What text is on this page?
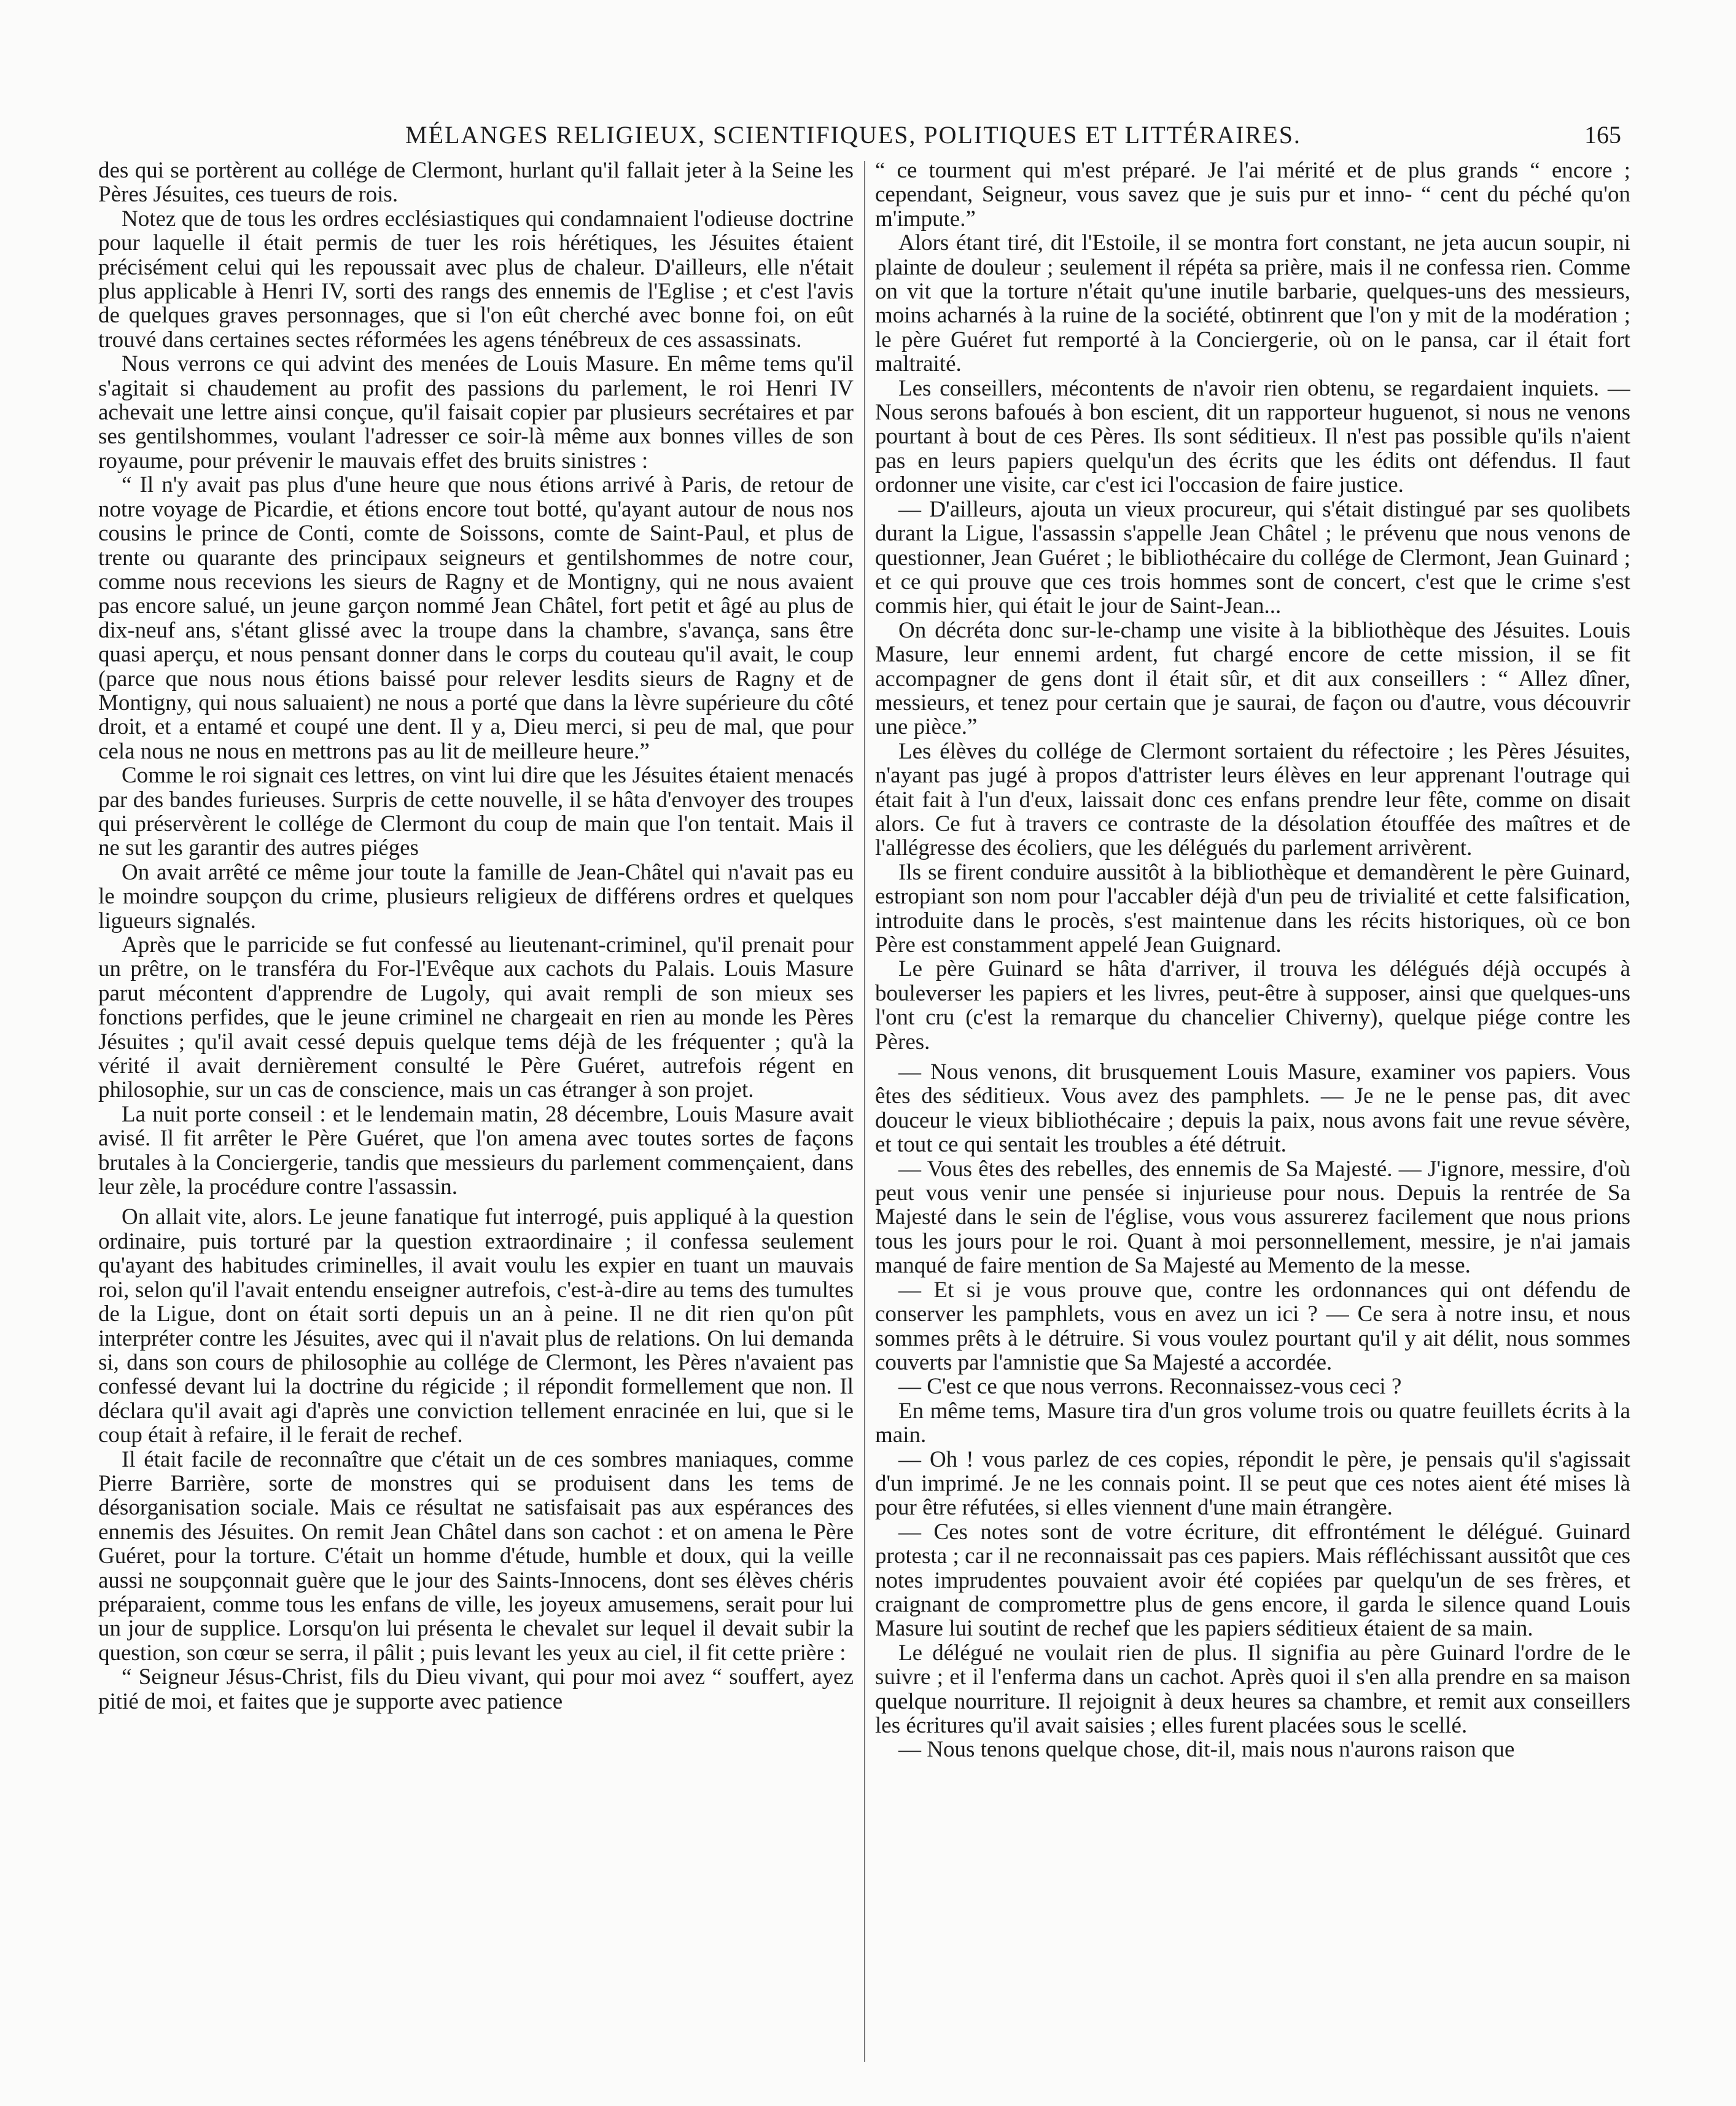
MÉLANGES RELIGIEUX, SCIENTIFIQUES, POLITIQUES ET LITTÉRAIRES.	165

des qui se portèrent au collége de Clermont, hurlant qu'il fallait jeter à la Seine les Pères Jésuites, ces tueurs de rois.

Notez que de tous les ordres ecclésiastiques qui condamnaient l'odieuse doctrine pour laquelle il était permis de tuer les rois hérétiques, les Jésuites étaient précisément celui qui les repoussait avec plus de chaleur. D'ailleurs, elle n'était plus applicable à Henri IV, sorti des rangs des ennemis de l'Eglise ; et c'est l'avis de quelques graves personnages, que si l'on eût cherché avec bonne foi, on eût trouvé dans certaines sectes réformées les agens ténébreux de ces assassinats.

Nous verrons ce qui advint des menées de Louis Masure. En même tems qu'il s'agitait si chaudement au profit des passions du parlement, le roi Henri IV achevait une lettre ainsi conçue, qu'il faisait copier par plusieurs secrétaires et par ses gentilshommes, voulant l'adresser ce soir-là même aux bonnes villes de son royaume, pour prévenir le mauvais effet des bruits sinistres :

“ Il n'y avait pas plus d'une heure que nous étions arrivé à Paris, de retour de notre voyage de Picardie, et étions encore tout botté, qu'ayant autour de nous nos cousins le prince de Conti, comte de Soissons, comte de Saint-Paul, et plus de trente ou quarante des principaux seigneurs et gentilshommes de notre cour, comme nous recevions les sieurs de Ragny et de Montigny, qui ne nous avaient pas encore salué, un jeune garçon nommé Jean Châtel, fort petit et âgé au plus de dix-neuf ans, s'étant glissé avec la troupe dans la chambre, s'avança, sans être quasi aperçu, et nous pensant donner dans le corps du couteau qu'il avait, le coup (parce que nous nous étions baissé pour relever lesdits sieurs de Ragny et de Montigny, qui nous saluaient) ne nous a porté que dans la lèvre supérieure du côté droit, et a entamé et coupé une dent. Il y a, Dieu merci, si peu de mal, que pour cela nous ne nous en mettrons pas au lit de meilleure heure.”

Comme le roi signait ces lettres, on vint lui dire que les Jésuites étaient menacés par des bandes furieuses. Surpris de cette nouvelle, il se hâta d'envoyer des troupes qui préservèrent le collége de Clermont du coup de main que l'on tentait. Mais il ne sut les garantir des autres piéges

On avait arrêté ce même jour toute la famille de Jean-Châtel qui n'avait pas eu le moindre soupçon du crime, plusieurs religieux de différens ordres et quelques ligueurs signalés.

Après que le parricide se fut confessé au lieutenant-criminel, qu'il prenait pour un prêtre, on le transféra du For-l'Evêque aux cachots du Palais. Louis Masure parut mécontent d'apprendre de Lugoly, qui avait rempli de son mieux ses fonctions perfides, que le jeune criminel ne chargeait en rien au monde les Pères Jésuites ; qu'il avait cessé depuis quelque tems déjà de les fréquenter ; qu'à la vérité il avait dernièrement consulté le Père Guéret, autrefois régent en philosophie, sur un cas de conscience, mais un cas étranger à son projet.

La nuit porte conseil : et le lendemain matin, 28 décembre, Louis Masure avait avisé. Il fit arrêter le Père Guéret, que l'on amena avec toutes sortes de façons brutales à la Conciergerie, tandis que messieurs du parlement commençaient, dans leur zèle, la procédure contre l'assassin.

On allait vite, alors. Le jeune fanatique fut interrogé, puis appliqué à la question ordinaire, puis torturé par la question extraordinaire ; il confessa seulement qu'ayant des habitudes criminelles, il avait voulu les expier en tuant un mauvais roi, selon qu'il l'avait entendu enseigner autrefois, c'est-à-dire au tems des tumultes de la Ligue, dont on était sorti depuis un an à peine. Il ne dit rien qu'on pût interpréter contre les Jésuites, avec qui il n'avait plus de relations. On lui demanda si, dans son cours de philosophie au collége de Clermont, les Pères n'avaient pas confessé devant lui la doctrine du régicide ; il répondit formellement que non. Il déclara qu'il avait agi d'après une conviction tellement enracinée en lui, que si le coup était à refaire, il le ferait de rechef.

Il était facile de reconnaître que c'était un de ces sombres maniaques, comme Pierre Barrière, sorte de monstres qui se produisent dans les tems de désorganisation sociale. Mais ce résultat ne satisfaisait pas aux espérances des ennemis des Jésuites. On remit Jean Châtel dans son cachot : et on amena le Père Guéret, pour la torture. C'était un homme d'étude, humble et doux, qui la veille aussi ne soupçonnait guère que le jour des Saints-Innocens, dont ses élèves chéris préparaient, comme tous les enfans de ville, les joyeux amusemens, serait pour lui un jour de supplice. Lorsqu'on lui présenta le chevalet sur lequel il devait subir la question, son cœur se serra, il pâlit ; puis levant les yeux au ciel, il fit cette prière :

“ Seigneur Jésus-Christ, fils du Dieu vivant, qui pour moi avez “ souffert, ayez pitié de moi, et faites que je supporte avec patience

“ ce tourment qui m'est préparé. Je l'ai mérité et de plus grands “ encore ; cependant, Seigneur, vous savez que je suis pur et inno- “ cent du péché qu'on m'impute.”

Alors étant tiré, dit l'Estoile, il se montra fort constant, ne jeta aucun soupir, ni plainte de douleur ; seulement il répéta sa prière, mais il ne confessa rien. Comme on vit que la torture n'était qu'une inutile barbarie, quelques-uns des messieurs, moins acharnés à la ruine de la société, obtinrent que l'on y mit de la modération ; le père Guéret fut remporté à la Conciergerie, où on le pansa, car il était fort maltraité.

Les conseillers, mécontents de n'avoir rien obtenu, se regardaient inquiets. — Nous serons bafoués à bon escient, dit un rapporteur huguenot, si nous ne venons pourtant à bout de ces Pères. Ils sont séditieux. Il n'est pas possible qu'ils n'aient pas en leurs papiers quelqu'un des écrits que les édits ont défendus. Il faut ordonner une visite, car c'est ici l'occasion de faire justice.

— D'ailleurs, ajouta un vieux procureur, qui s'était distingué par ses quolibets durant la Ligue, l'assassin s'appelle Jean Châtel ; le prévenu que nous venons de questionner, Jean Guéret ; le bibliothécaire du collége de Clermont, Jean Guinard ; et ce qui prouve que ces trois hommes sont de concert, c'est que le crime s'est commis hier, qui était le jour de Saint-Jean...

On décréta donc sur-le-champ une visite à la bibliothèque des Jésuites. Louis Masure, leur ennemi ardent, fut chargé encore de cette mission, il se fit accompagner de gens dont il était sûr, et dit aux conseillers : “ Allez dîner, messieurs, et tenez pour certain que je saurai, de façon ou d'autre, vous découvrir une pièce.”

Les élèves du collége de Clermont sortaient du réfectoire ; les Pères Jésuites, n'ayant pas jugé à propos d'attrister leurs élèves en leur apprenant l'outrage qui était fait à l'un d'eux, laissait donc ces enfans prendre leur fête, comme on disait alors. Ce fut à travers ce contraste de la désolation étouffée des maîtres et de l'allégresse des écoliers, que les délégués du parlement arrivèrent.

Ils se firent conduire aussitôt à la bibliothèque et demandèrent le père Guinard, estropiant son nom pour l'accabler déjà d'un peu de trivialité et cette falsification, introduite dans le procès, s'est maintenue dans les récits historiques, où ce bon Père est constamment appelé Jean Guignard.

Le père Guinard se hâta d'arriver, il trouva les délégués déjà occupés à bouleverser les papiers et les livres, peut-être à supposer, ainsi que quelques-uns l'ont cru (c'est la remarque du chancelier Chiverny), quelque piége contre les Pères.

— Nous venons, dit brusquement Louis Masure, examiner vos papiers. Vous êtes des séditieux. Vous avez des pamphlets. — Je ne le pense pas, dit avec douceur le vieux bibliothécaire ; depuis la paix, nous avons fait une revue sévère, et tout ce qui sentait les troubles a été détruit.

— Vous êtes des rebelles, des ennemis de Sa Majesté. — J'ignore, messire, d'où peut vous venir une pensée si injurieuse pour nous. Depuis la rentrée de Sa Majesté dans le sein de l'église, vous vous assurerez facilement que nous prions tous les jours pour le roi. Quant à moi personnellement, messire, je n'ai jamais manqué de faire mention de Sa Majesté au Memento de la messe.

— Et si je vous prouve que, contre les ordonnances qui ont défendu de conserver les pamphlets, vous en avez un ici ? — Ce sera à notre insu, et nous sommes prêts à le détruire. Si vous voulez pourtant qu'il y ait délit, nous sommes couverts par l'amnistie que Sa Majesté a accordée.

— C'est ce que nous verrons. Reconnaissez-vous ceci ?

En même tems, Masure tira d'un gros volume trois ou quatre feuillets écrits à la main.

— Oh ! vous parlez de ces copies, répondit le père, je pensais qu'il s'agissait d'un imprimé. Je ne les connais point. Il se peut que ces notes aient été mises là pour être réfutées, si elles viennent d'une main étrangère.

— Ces notes sont de votre écriture, dit effrontément le délégué. Guinard protesta ; car il ne reconnaissait pas ces papiers. Mais réfléchissant aussitôt que ces notes imprudentes pouvaient avoir été copiées par quelqu'un de ses frères, et craignant de compromettre plus de gens encore, il garda le silence quand Louis Masure lui soutint de rechef que les papiers séditieux étaient de sa main.

Le délégué ne voulait rien de plus. Il signifia au père Guinard l'ordre de le suivre ; et il l'enferma dans un cachot. Après quoi il s'en alla prendre en sa maison quelque nourriture. Il rejoignit à deux heures sa chambre, et remit aux conseillers les écritures qu'il avait saisies ; elles furent placées sous le scellé.

— Nous tenons quelque chose, dit-il, mais nous n'aurons raison que
